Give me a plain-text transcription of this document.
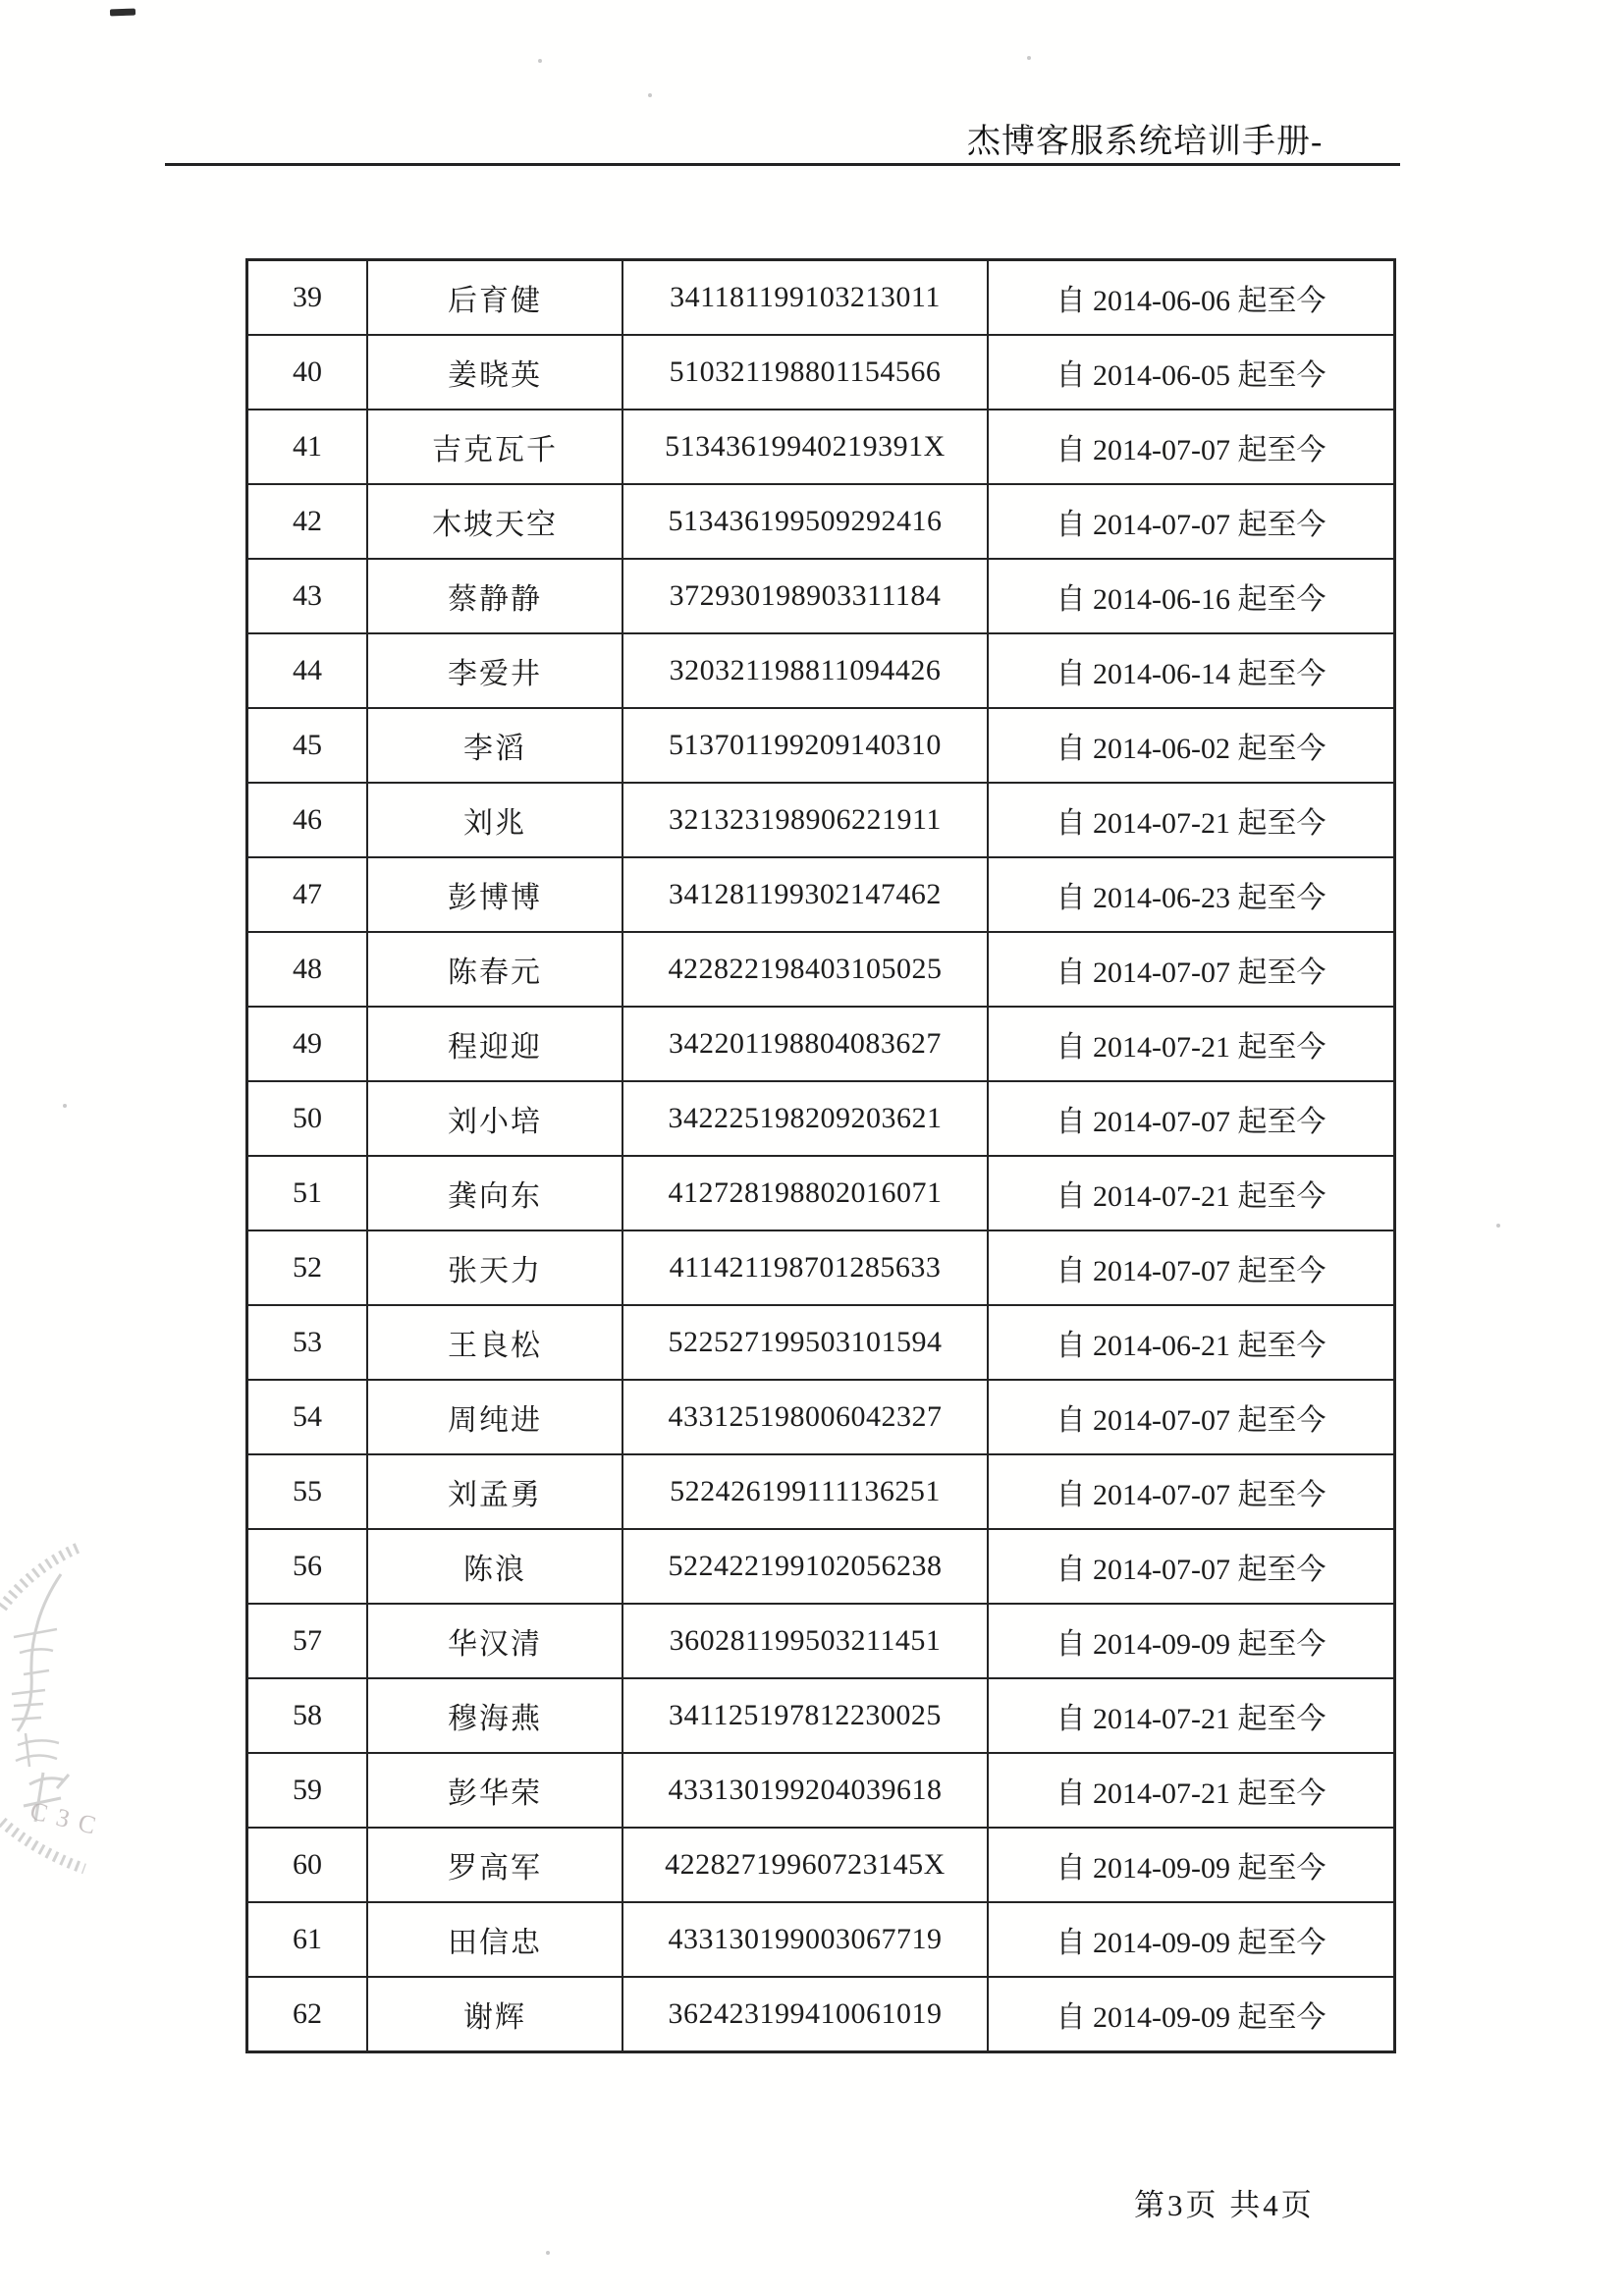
杰博客服系统培训手册-
39	后育健	341181199103213011	自 2014-06-06 起至今
40	姜晓英	510321198801154566	自 2014-06-05 起至今
41	吉克瓦千	51343619940219391X	自 2014-07-07 起至今
42	木坡天空	513436199509292416	自 2014-07-07 起至今
43	蔡静静	372930198903311184	自 2014-06-16 起至今
44	李爱井	320321198811094426	自 2014-06-14 起至今
45	李滔	513701199209140310	自 2014-06-02 起至今
46	刘兆	321323198906221911	自 2014-07-21 起至今
47	彭博博	341281199302147462	自 2014-06-23 起至今
48	陈春元	422822198403105025	自 2014-07-07 起至今
49	程迎迎	342201198804083627	自 2014-07-21 起至今
50	刘小培	342225198209203621	自 2014-07-07 起至今
51	龚向东	412728198802016071	自 2014-07-21 起至今
52	张天力	411421198701285633	自 2014-07-07 起至今
53	王良松	522527199503101594	自 2014-06-21 起至今
54	周纯进	433125198006042327	自 2014-07-07 起至今
55	刘孟勇	522426199111136251	自 2014-07-07 起至今
56	陈浪	522422199102056238	自 2014-07-07 起至今
57	华汉清	360281199503211451	自 2014-09-09 起至今
58	穆海燕	341125197812230025	自 2014-07-21 起至今
59	彭华荣	433130199204039618	自 2014-07-21 起至今
60	罗高军	42282719960723145X	自 2014-09-09 起至今
61	田信忠	433130199003067719	自 2014-09-09 起至今
62	谢辉	362423199410061019	自 2014-09-09 起至今
C3C
第3页 共4页
